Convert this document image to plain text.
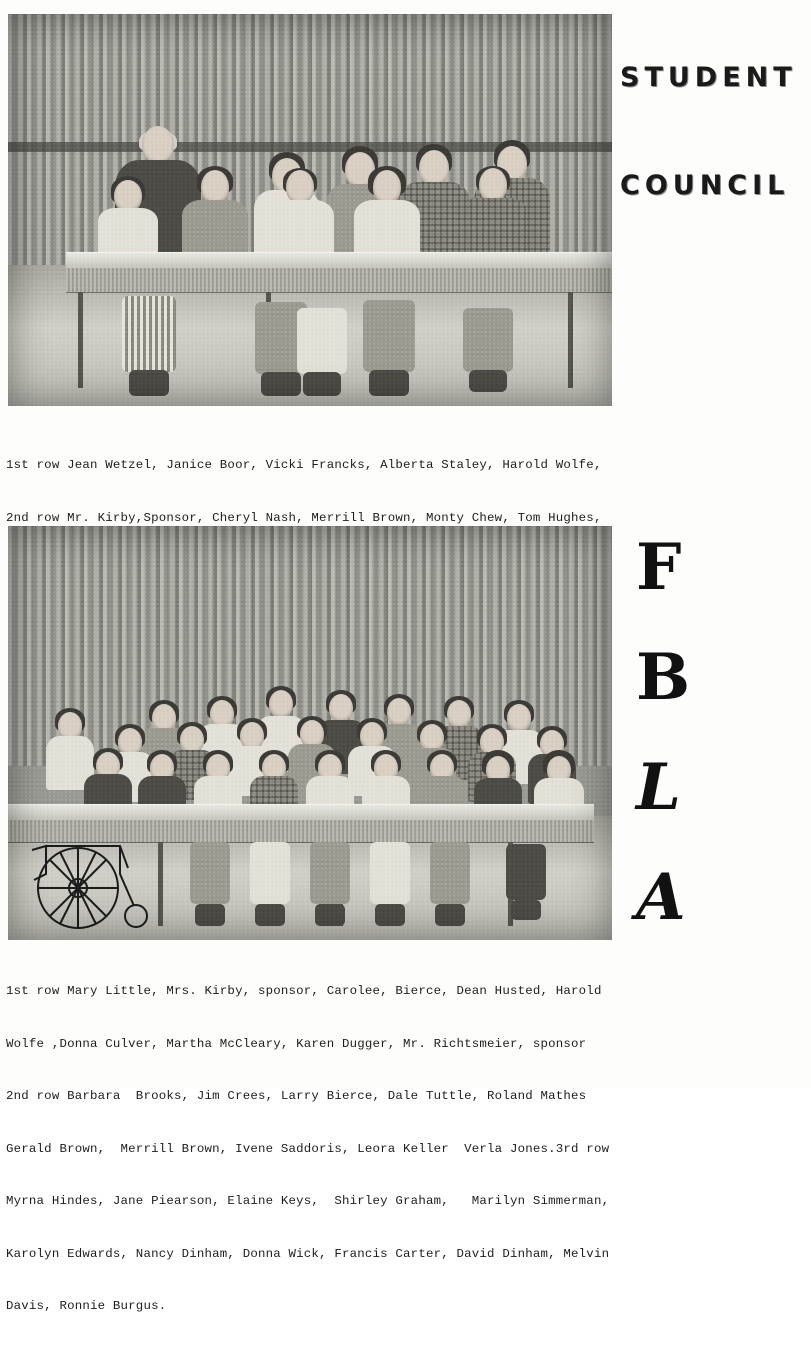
1st row Jean Wetzel, Janice Boor, Vicki Francks, Alberta Staley, Harold Wolfe,

2nd row Mr. Kirby,Sponsor, Cheryl Nash, Merrill Brown, Monty Chew, Tom Hughes,

1st row Mary Little, Mrs. Kirby, sponsor, Carolee, Bierce, Dean Husted, Harold

Wolfe ,Donna Culver, Martha McCleary, Karen Dugger, Mr. Richtsmeier, sponsor

2nd row Barbara  Brooks, Jim Crees, Larry Bierce, Dale Tuttle, Roland Mathes

Gerald Brown,  Merrill Brown, Ivene Saddoris, Leora Keller  Verla Jones.3rd row

Myrna Hindes, Jane Piearson, Elaine Keys,  Shirley Graham,   Marilyn Simmerman,

Karolyn Edwards, Nancy Dinham, Donna Wick, Francis Carter, David Dinham, Melvin

Davis, Ronnie Burgus.

STUDENT
COUNCIL
F
B
L
A
